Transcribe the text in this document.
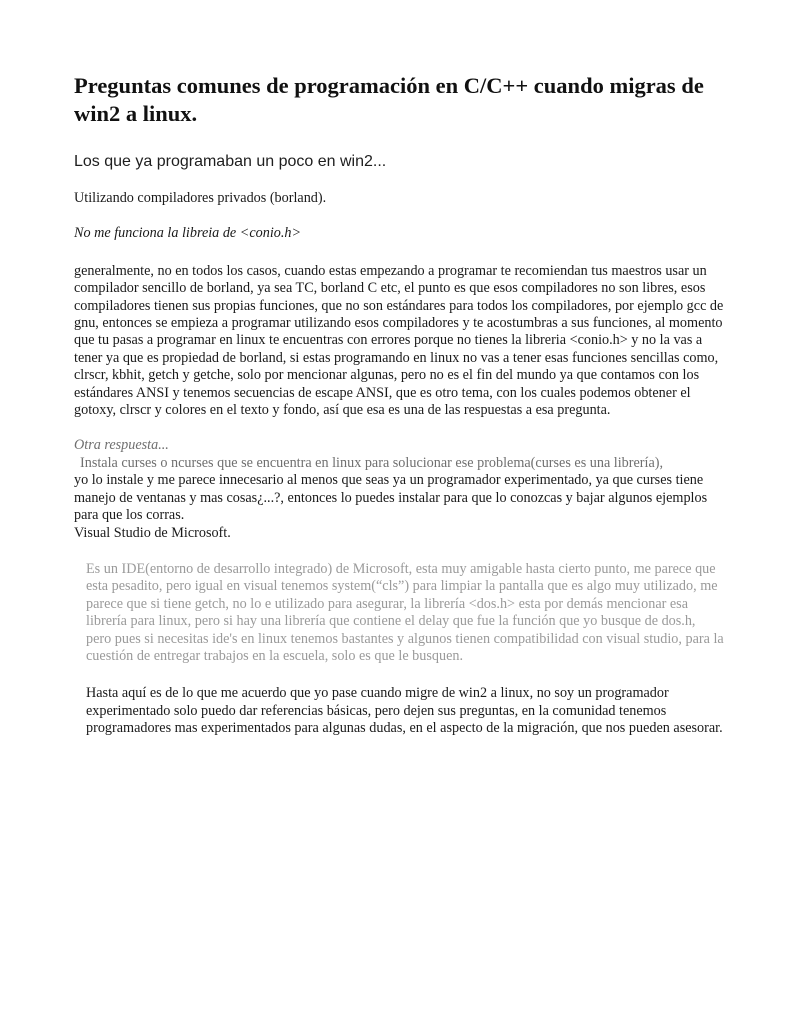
Preguntas comunes de programación en C/C++ cuando migras de win2 a linux.
Los que ya programaban un poco en win2...

Utilizando compiladores privados (borland).

No me funciona la libreia de <conio.h>

generalmente, no en todos los casos, cuando estas empezando a programar te recomiendan tus maestros usar un compilador sencillo de borland, ya sea TC, borland C etc, el punto es que esos compiladores no son libres, esos compiladores tienen sus propias funciones, que no son estándares para todos los compiladores, por ejemplo gcc de gnu, entonces se empieza a programar utilizando esos compiladores y te acostumbras a sus funciones, al momento que tu pasas a programar en linux te encuentras con errores porque no tienes la libreria <conio.h> y no la vas a tener ya que es propiedad de borland, si estas programando en linux no vas a tener esas funciones sencillas como, clrscr, kbhit, getch y getche, solo por mencionar algunas, pero no es el fin del mundo ya que contamos con los estándares ANSI y tenemos secuencias de escape ANSI, que es otro tema, con los cuales podemos obtener el gotoxy, clrscr y colores en el texto y fondo, así que esa es una de las respuestas a esa pregunta.

Otra respuesta...

Instala curses o ncurses que se encuentra en linux para solucionar ese problema(curses es una librería),

yo lo instale y me parece innecesario al menos que seas ya un programador experimentado, ya que curses tiene manejo de ventanas y mas cosas¿...?, entonces lo puedes instalar para que lo conozcas y bajar algunos ejemplos para que los corras.

Visual Studio de Microsoft.

Es un IDE(entorno de desarrollo integrado) de Microsoft, esta muy amigable hasta cierto punto, me parece que esta pesadito, pero igual en visual tenemos system(“cls”) para limpiar la pantalla que es algo muy utilizado, me parece que si tiene getch, no lo e utilizado para asegurar, la librería <dos.h> esta por demás mencionar esa librería para linux, pero si hay una librería que contiene el delay que fue la función que yo busque de dos.h, pero pues si necesitas ide's en linux tenemos bastantes y algunos tienen compatibilidad con visual studio, para la cuestión de entregar trabajos en la escuela, solo es que le busquen.

Hasta aquí es de lo que me acuerdo que yo pase cuando migre de win2 a linux, no soy un programador experimentado solo puedo dar referencias básicas, pero dejen sus preguntas, en la comunidad tenemos programadores mas experimentados para algunas dudas, en el aspecto de la migración, que nos pueden asesorar.
